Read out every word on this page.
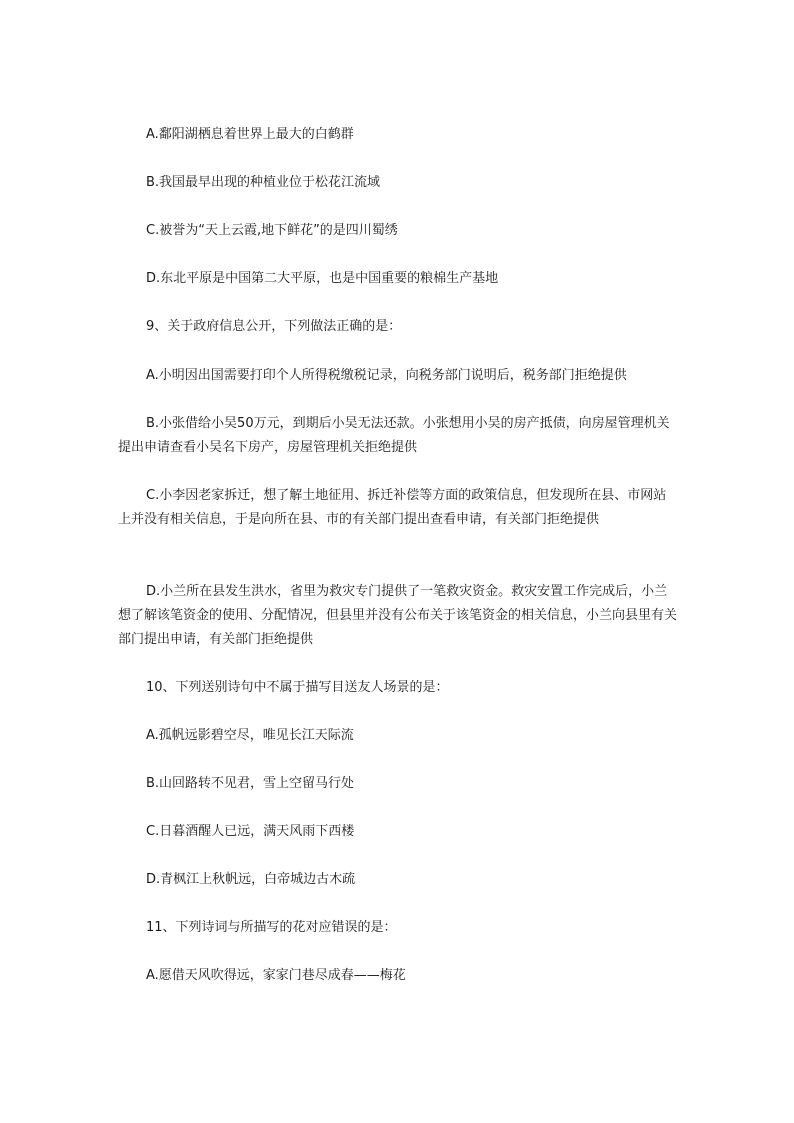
A.鄱阳湖栖息着世界上最大的白鹤群

B.我国最早出现的种植业位于松花江流域

C.被誉为“天上云霞,地下鲜花”的是四川蜀绣

D.东北平原是中国第二大平原，也是中国重要的粮棉生产基地

9、关于政府信息公开，下列做法正确的是：

A.小明因出国需要打印个人所得税缴税记录，向税务部门说明后，税务部门拒绝提供

B.小张借给小吴50万元，到期后小吴无法还款。小张想用小吴的房产抵债，向房屋管理机关提出申请查看小吴名下房产，房屋管理机关拒绝提供

C.小李因老家拆迁，想了解土地征用、拆迁补偿等方面的政策信息，但发现所在县、市网站上并没有相关信息，于是向所在县、市的有关部门提出查看申请，有关部门拒绝提供

D.小兰所在县发生洪水，省里为救灾专门提供了一笔救灾资金。救灾安置工作完成后，小兰想了解该笔资金的使用、分配情况，但县里并没有公布关于该笔资金的相关信息，小兰向县里有关部门提出申请，有关部门拒绝提供

10、下列送别诗句中不属于描写目送友人场景的是：

A.孤帆远影碧空尽，唯见长江天际流

B.山回路转不见君，雪上空留马行处

C.日暮酒醒人已远，满天风雨下西楼

D.青枫江上秋帆远，白帝城边古木疏

11、下列诗词与所描写的花对应错误的是：

A.愿借天风吹得远，家家门巷尽成春——梅花
